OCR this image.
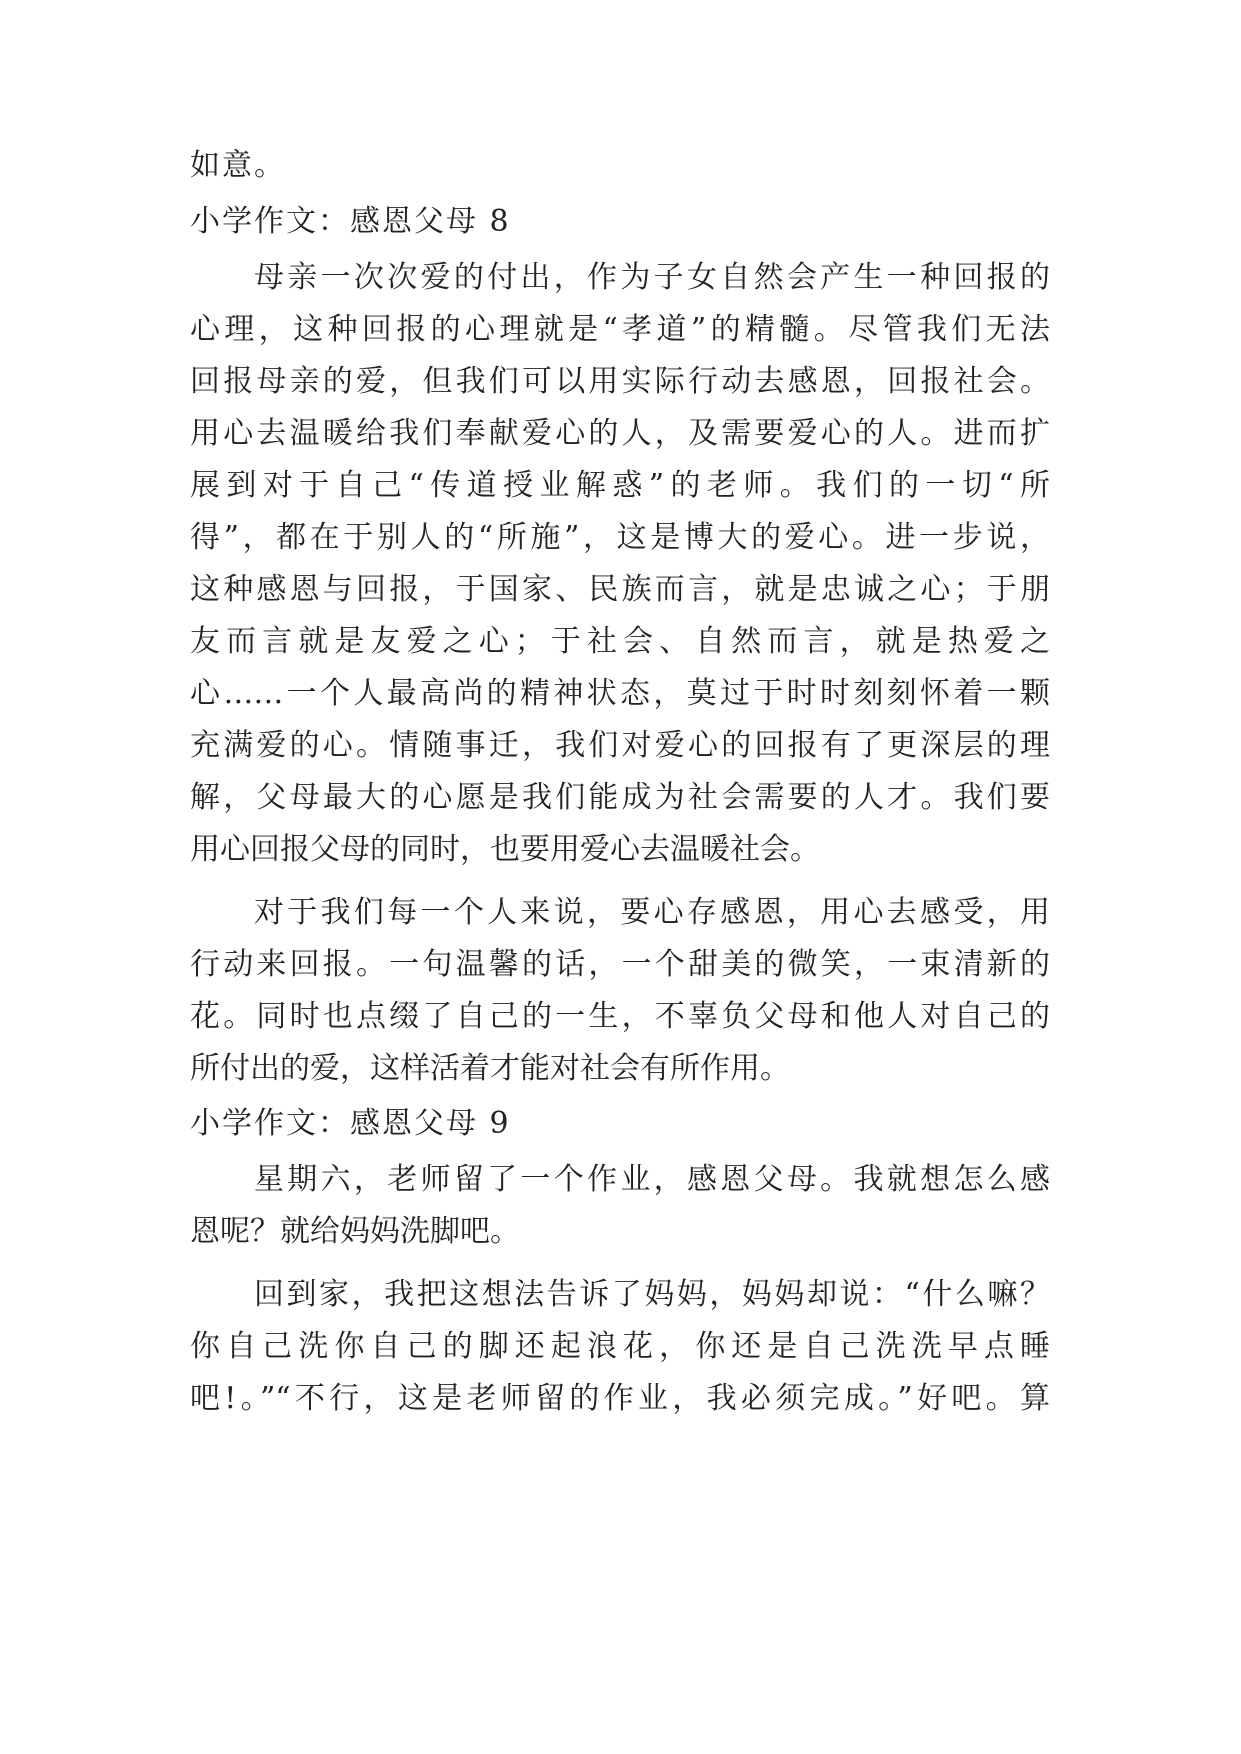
如意。
小学作文：感恩父母 8
母亲一次次爱的付出，作为子女自然会产生一种回报的
心理，这种回报的心理就是“孝道”的精髓。尽管我们无法
回报母亲的爱，但我们可以用实际行动去感恩，回报社会。
用心去温暖给我们奉献爱心的人，及需要爱心的人。进而扩
展到对于自己“传道授业解惑”的老师。我们的一切“所
得”，都在于别人的“所施”，这是博大的爱心。进一步说，
这种感恩与回报，于国家、民族而言，就是忠诚之心；于朋
友而言就是友爱之心；于社会、自然而言，就是热爱之
心……一个人最高尚的精神状态，莫过于时时刻刻怀着一颗
充满爱的心。情随事迁，我们对爱心的回报有了更深层的理
解，父母最大的心愿是我们能成为社会需要的人才。我们要
用心回报父母的同时，也要用爱心去温暖社会。
对于我们每一个人来说，要心存感恩，用心去感受，用
行动来回报。一句温馨的话，一个甜美的微笑，一束清新的
花。同时也点缀了自己的一生，不辜负父母和他人对自己的
所付出的爱，这样活着才能对社会有所作用。
小学作文：感恩父母 9
星期六，老师留了一个作业，感恩父母。我就想怎么感
恩呢？就给妈妈洗脚吧。
回到家，我把这想法告诉了妈妈，妈妈却说：“什么嘛？
你自己洗你自己的脚还起浪花，你还是自己洗洗早点睡
吧!。”“不行，这是老师留的作业，我必须完成。”好吧。算
